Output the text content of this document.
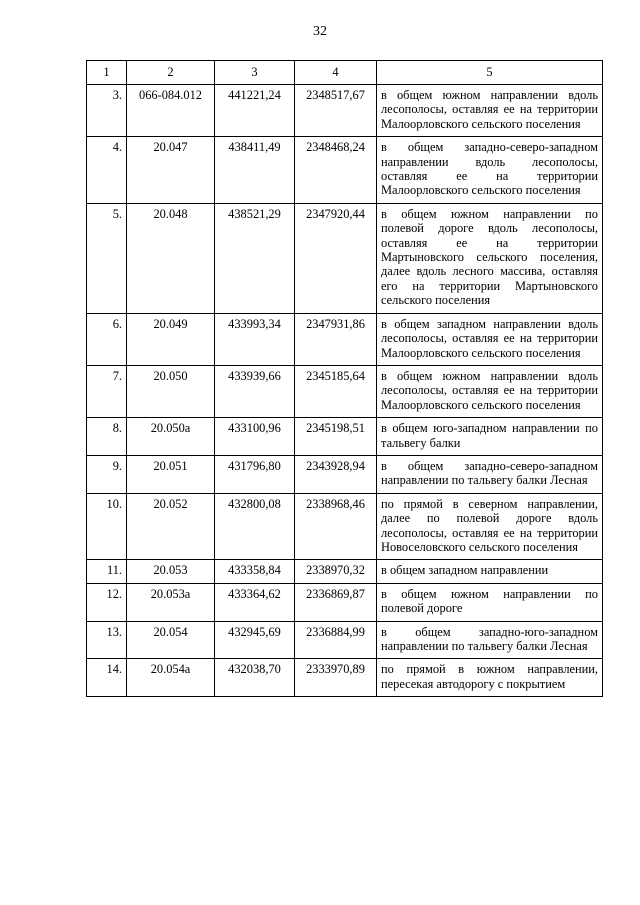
32
1	2	3	4	5
3.	066-084.012	441221,24	2348517,67	в общем южном направлении вдоль лесополосы, оставляя ее на территории Малоорловского сельского поселения
4.	20.047	438411,49	2348468,24	в общем западно-северо-западном направлении вдоль лесополосы, оставляя ее на территории Малоорловского сельского поселения
5.	20.048	438521,29	2347920,44	в общем южном направлении по полевой дороге вдоль лесополосы, оставляя ее на территории Мартыновского сельского поселения, далее вдоль лесного массива, оставляя его на территории Мартыновского сельского поселения
6.	20.049	433993,34	2347931,86	в общем западном направлении вдоль лесополосы, оставляя ее на территории Малоорловского сельского поселения
7.	20.050	433939,66	2345185,64	в общем южном направлении вдоль лесополосы, оставляя ее на территории Малоорловского сельского поселения
8.	20.050а	433100,96	2345198,51	в общем юго-западном направлении по тальвегу балки
9.	20.051	431796,80	2343928,94	в общем западно-северо-западном направлении по тальвегу балки Лесная
10.	20.052	432800,08	2338968,46	по прямой в северном направлении, далее по полевой дороге вдоль лесополосы, оставляя ее на территории Новоселовского сельского поселения
11.	20.053	433358,84	2338970,32	в общем западном направлении
12.	20.053а	433364,62	2336869,87	в общем южном направлении по полевой дороге
13.	20.054	432945,69	2336884,99	в общем западно-юго-западном направлении по тальвегу балки Лесная
14.	20.054а	432038,70	2333970,89	по прямой в южном направлении, пересекая автодорогу с покрытием
